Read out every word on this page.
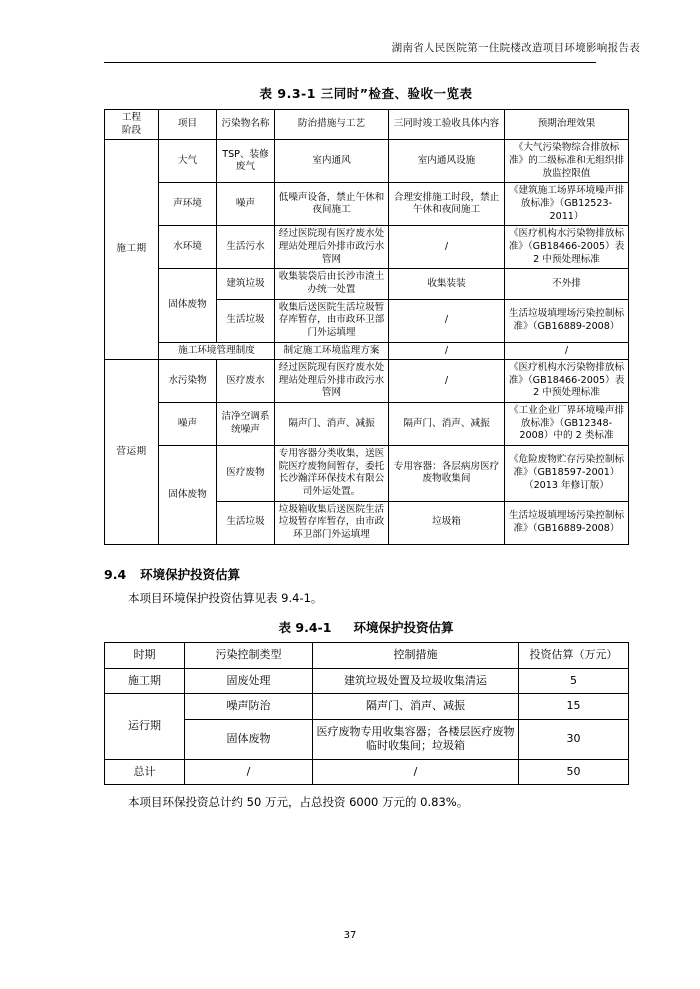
湖南省人民医院第一住院楼改造项目环境影响报告表
表 9.3-1 三同时”检查、验收一览表
工程
阶段	项目	污染物名称	防治措施与工艺	三同时竣工验收具体内容	预期治理效果
施工期	大气	TSP、装修废气	室内通风	室内通风设施	《大气污染物综合排放标准》的二级标准和无组织排放监控限值
	声环境	噪声	低噪声设备，禁止午休和夜间施工	合理安排施工时段，禁止午休和夜间施工	《建筑施工场界环境噪声排放标准》（GB12523-2011）
	水环境	生活污水	经过医院现有医疗废水处理站处理后外排市政污水管网	/	《医疗机构水污染物排放标准》（GB18466-2005）表 2 中预处理标准
	固体废物	建筑垃圾	收集装袋后由长沙市渣土办统一处置	收集装装	不外排
		生活垃圾	收集后送医院生活垃圾暂存库暂存，由市政环卫部门外运填埋	/	生活垃圾填埋场污染控制标准》（GB16889-2008）
	施工环境管理制度		制定施工环境监理方案	/	/
营运期	水污染物	医疗废水	经过医院现有医疗废水处理站处理后外排市政污水管网	/	《医疗机构水污染物排放标准》（GB18466-2005）表 2 中预处理标准
	噪声	洁净空调系统噪声	隔声门、消声、减振	隔声门、消声、减振	《工业企业厂界环境噪声排放标准》（GB12348-2008）中的 2 类标准
	固体废物	医疗废物	专用容器分类收集，送医院医疗废物间暂存，委托长沙瀚洋环保技术有限公司外运处置。	专用容器：各层病房医疗废物收集间	《危险废物贮存污染控制标准》（GB18597-2001）（2013 年修订版）
		生活垃圾	垃圾箱收集后送医院生活垃圾暂存库暂存，由市政环卫部门外运填埋	垃圾箱	生活垃圾填埋场污染控制标准》（GB16889-2008）
9.4 环境保护投资估算

本项目环境保护投资估算见表 9.4-1。

表 9.4-1 环境保护投资估算
时期	污染控制类型	控制措施	投资估算（万元）
施工期	固废处理	建筑垃圾处置及垃圾收集清运	5
运行期	噪声防治	隔声门、消声、减振	15
	固体废物	医疗废物专用收集容器；各楼层医疗废物临时收集间；垃圾箱	30
总计	/	/	50

本项目环保投资总计约 50 万元，占总投资 6000 万元的 0.83%。

37
